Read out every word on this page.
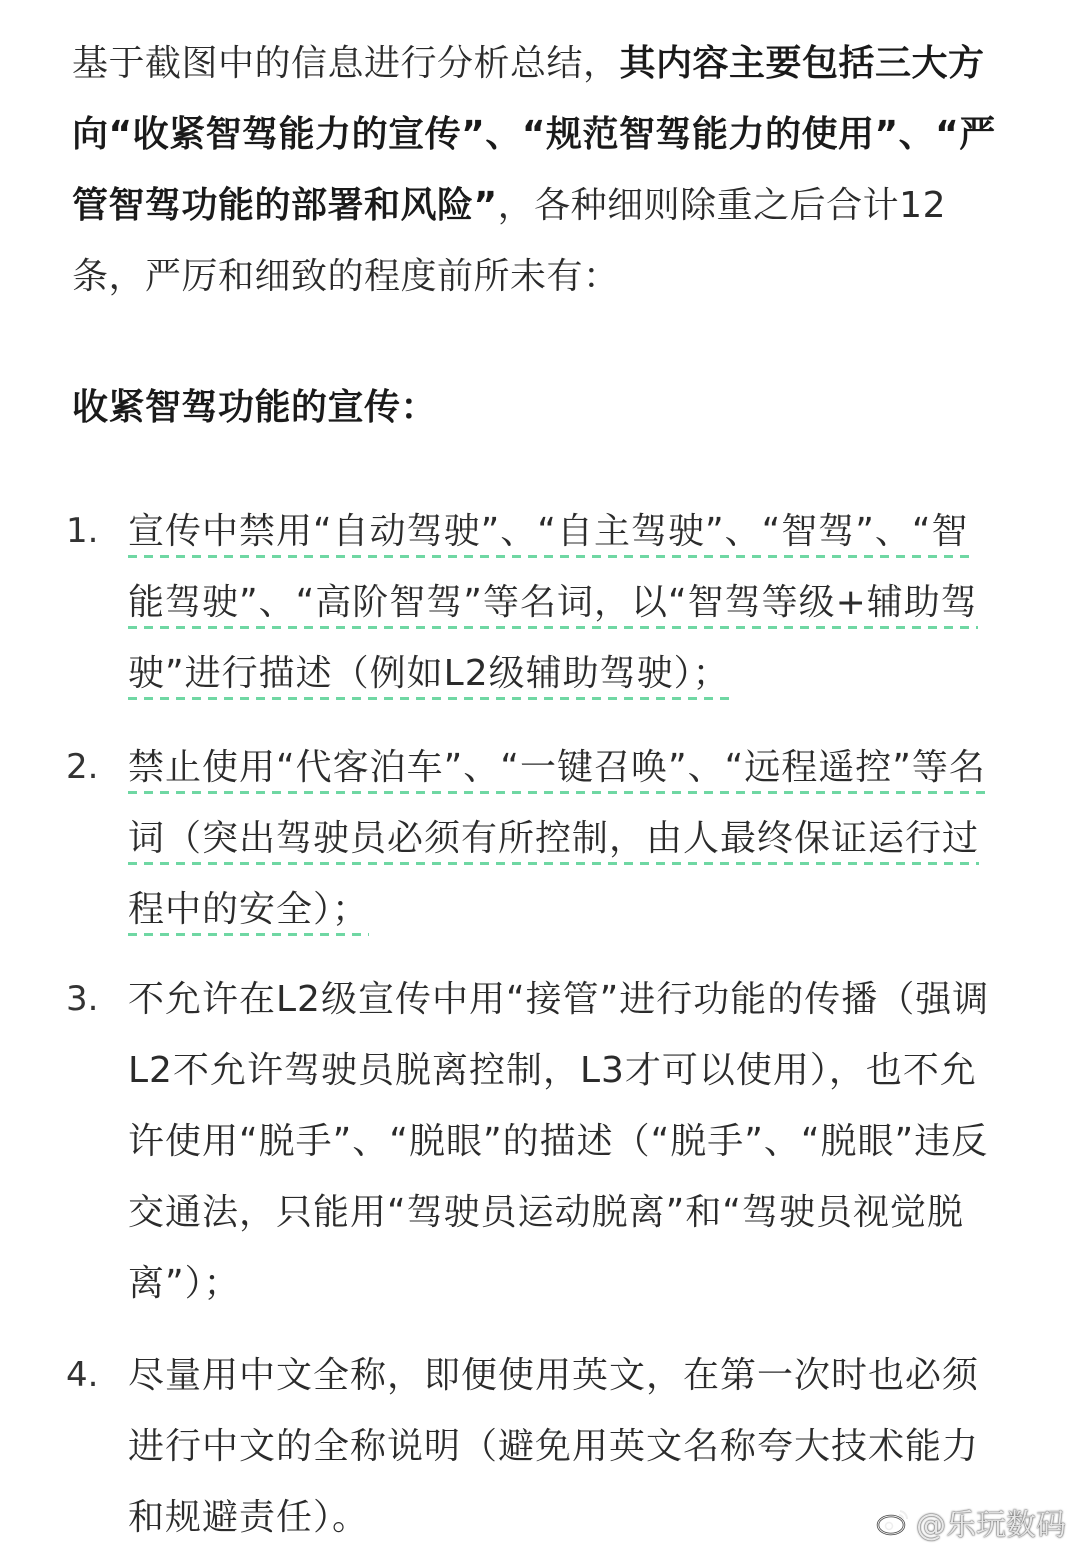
基于截图中的信息进行分析总结，其内容主要包括三大方向“收紧智驾能力的宣传”、“规范智驾能力的使用”、“严管智驾功能的部署和风险”，各种细则除重之后合计12条，严厉和细致的程度前所未有：
收紧智驾功能的宣传：
1. 宣传中禁用“自动驾驶”、“自主驾驶”、“智驾”、“智能驾驶”、“高阶智驾”等名词，以“智驾等级+辅助驾驶”进行描述（例如L2级辅助驾驶）；
2. 禁止使用“代客泊车”、“一键召唤”、“远程遥控”等名词（突出驾驶员必须有所控制，由人最终保证运行过程中的安全）；
3. 不允许在L2级宣传中用“接管”进行功能的传播（强调L2不允许驾驶员脱离控制，L3才可以使用），也不允许使用“脱手”、“脱眼”的描述（“脱手”、“脱眼”违反交通法，只能用“驾驶员运动脱离”和“驾驶员视觉脱离”）；
4. 尽量用中文全称，即便使用英文，在第一次时也必须进行中文的全称说明（避免用英文名称夸大技术能力和规避责任）。	@乐玩数码
